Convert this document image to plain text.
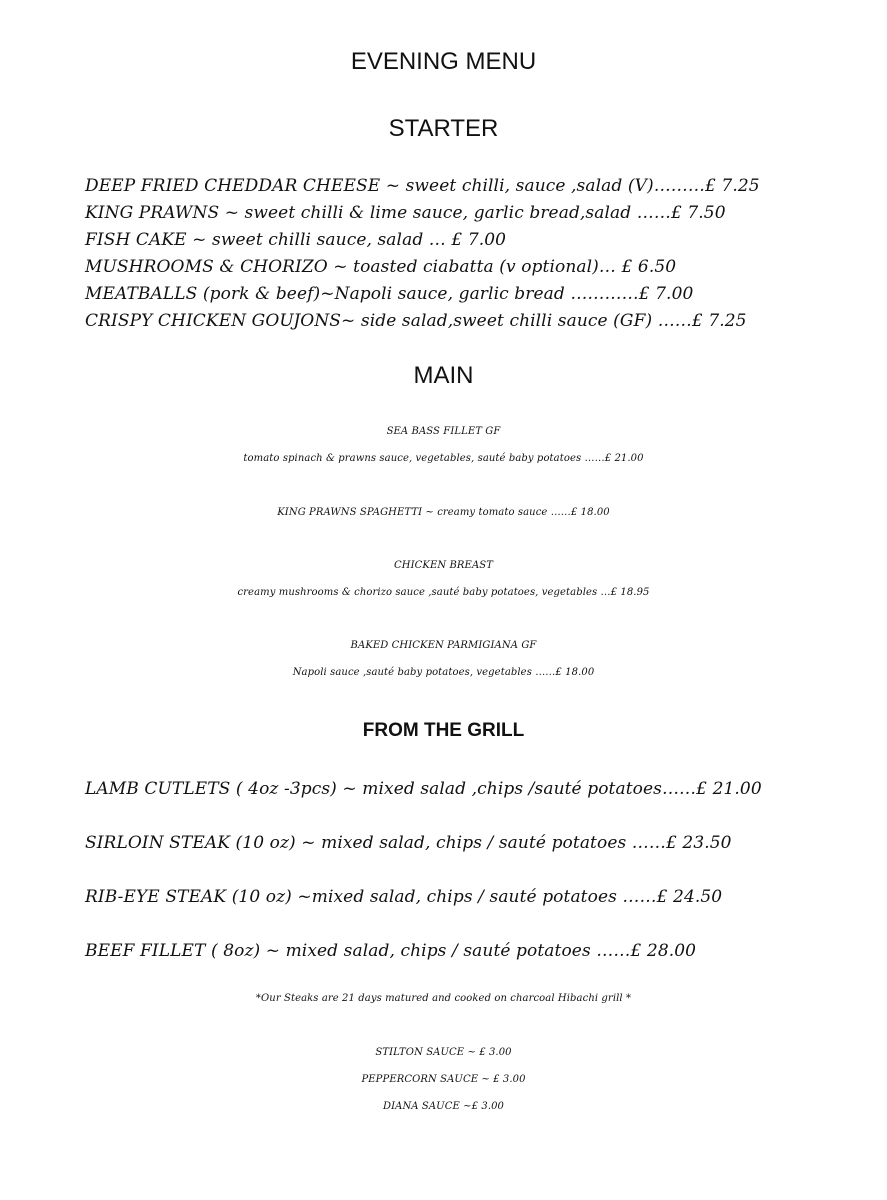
EVENING MENU
STARTER
DEEP FRIED CHEDDAR CHEESE ~ sweet chilli, sauce ,salad (V)………£ 7.25
KING PRAWNS ~ sweet chilli & lime sauce, garlic bread,salad ……£ 7.50
FISH CAKE ~ sweet chilli sauce, salad … £ 7.00
MUSHROOMS & CHORIZO ~ toasted ciabatta (v optional)… £ 6.50
MEATBALLS (pork & beef)~Napoli sauce, garlic bread …………£ 7.00
CRISPY CHICKEN GOUJONS~ side salad,sweet chilli sauce (GF) ……£ 7.25
MAIN
SEA BASS FILLET GF
tomato spinach & prawns sauce, vegetables, sauté baby potatoes ……£ 21.00
KING PRAWNS SPAGHETTI ~ creamy tomato sauce ……£ 18.00
CHICKEN BREAST
creamy mushrooms & chorizo sauce ,sauté baby potatoes, vegetables …£ 18.95
BAKED CHICKEN PARMIGIANA GF
Napoli sauce ,sauté baby potatoes, vegetables ……£ 18.00
FROM THE GRILL
LAMB CUTLETS ( 4oz -3pcs) ~ mixed salad ,chips /sauté potatoes……£ 21.00
SIRLOIN STEAK (10 oz) ~ mixed salad, chips / sauté potatoes ……£ 23.50
RIB-EYE STEAK (10 oz) ~mixed salad, chips / sauté potatoes ……£ 24.50
BEEF FILLET ( 8oz) ~ mixed salad, chips / sauté potatoes ……£ 28.00
*Our Steaks are 21 days matured and cooked on charcoal Hibachi grill *
STILTON SAUCE ~ £ 3.00
PEPPERCORN SAUCE ~ £ 3.00
DIANA SAUCE ~£ 3.00
